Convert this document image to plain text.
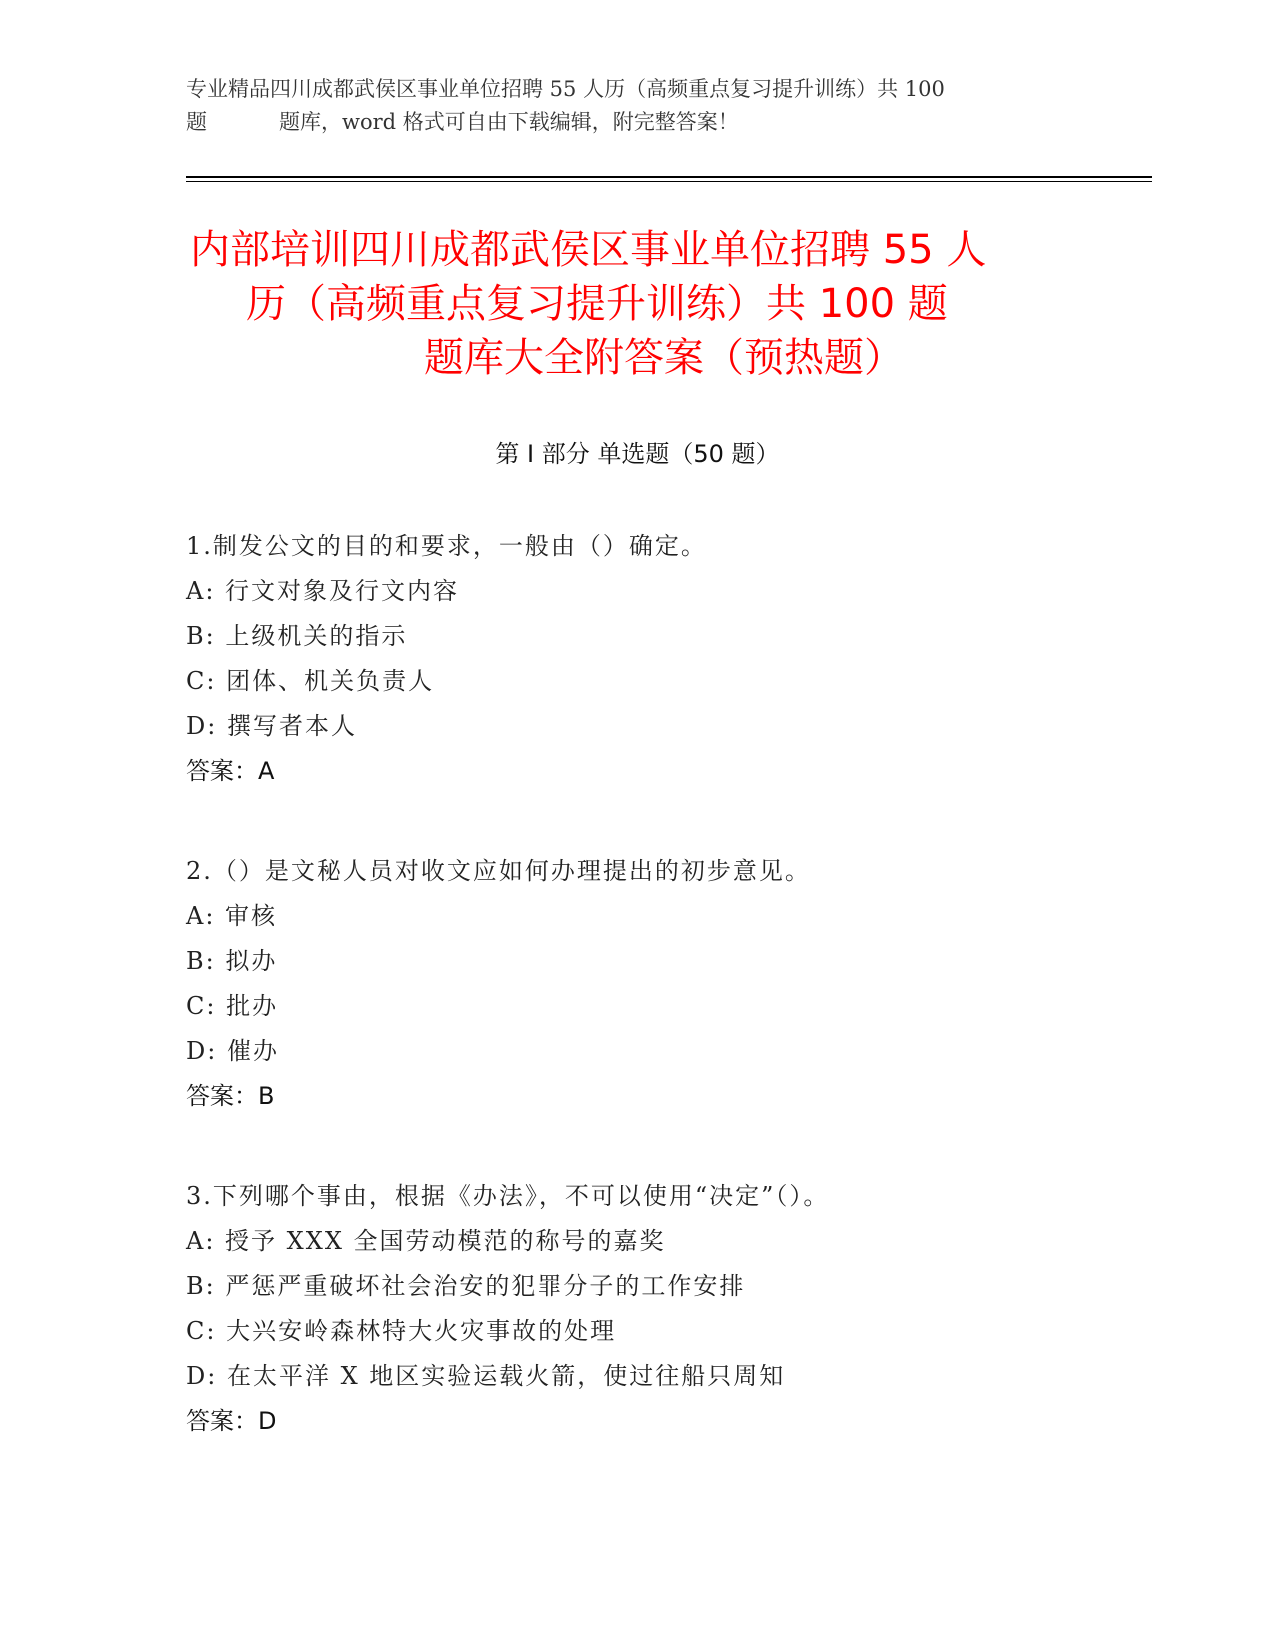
专业精品四川成都武侯区事业单位招聘 55 人历（高频重点复习提升训练）共 100
题	题库，word 格式可自由下载编辑，附完整答案！
内部培训四川成都武侯区事业单位招聘 55 人
历（高频重点复习提升训练）共 100 题
题库大全附答案（预热题）
第 I 部分 单选题（50 题）
1.制发公文的目的和要求，一般由（）确定。
A: 行文对象及行文内容
B: 上级机关的指示
C: 团体、机关负责人
D: 撰写者本人
答案：A
2.（）是文秘人员对收文应如何办理提出的初步意见。
A: 审核
B: 拟办
C: 批办
D: 催办
答案：B
3.下列哪个事由，根据《办法》，不可以使用“决定”（）。
A: 授予 XXX 全国劳动模范的称号的嘉奖
B: 严惩严重破坏社会治安的犯罪分子的工作安排
C: 大兴安岭森林特大火灾事故的处理
D: 在太平洋 X 地区实验运载火箭，使过往船只周知
答案：D
